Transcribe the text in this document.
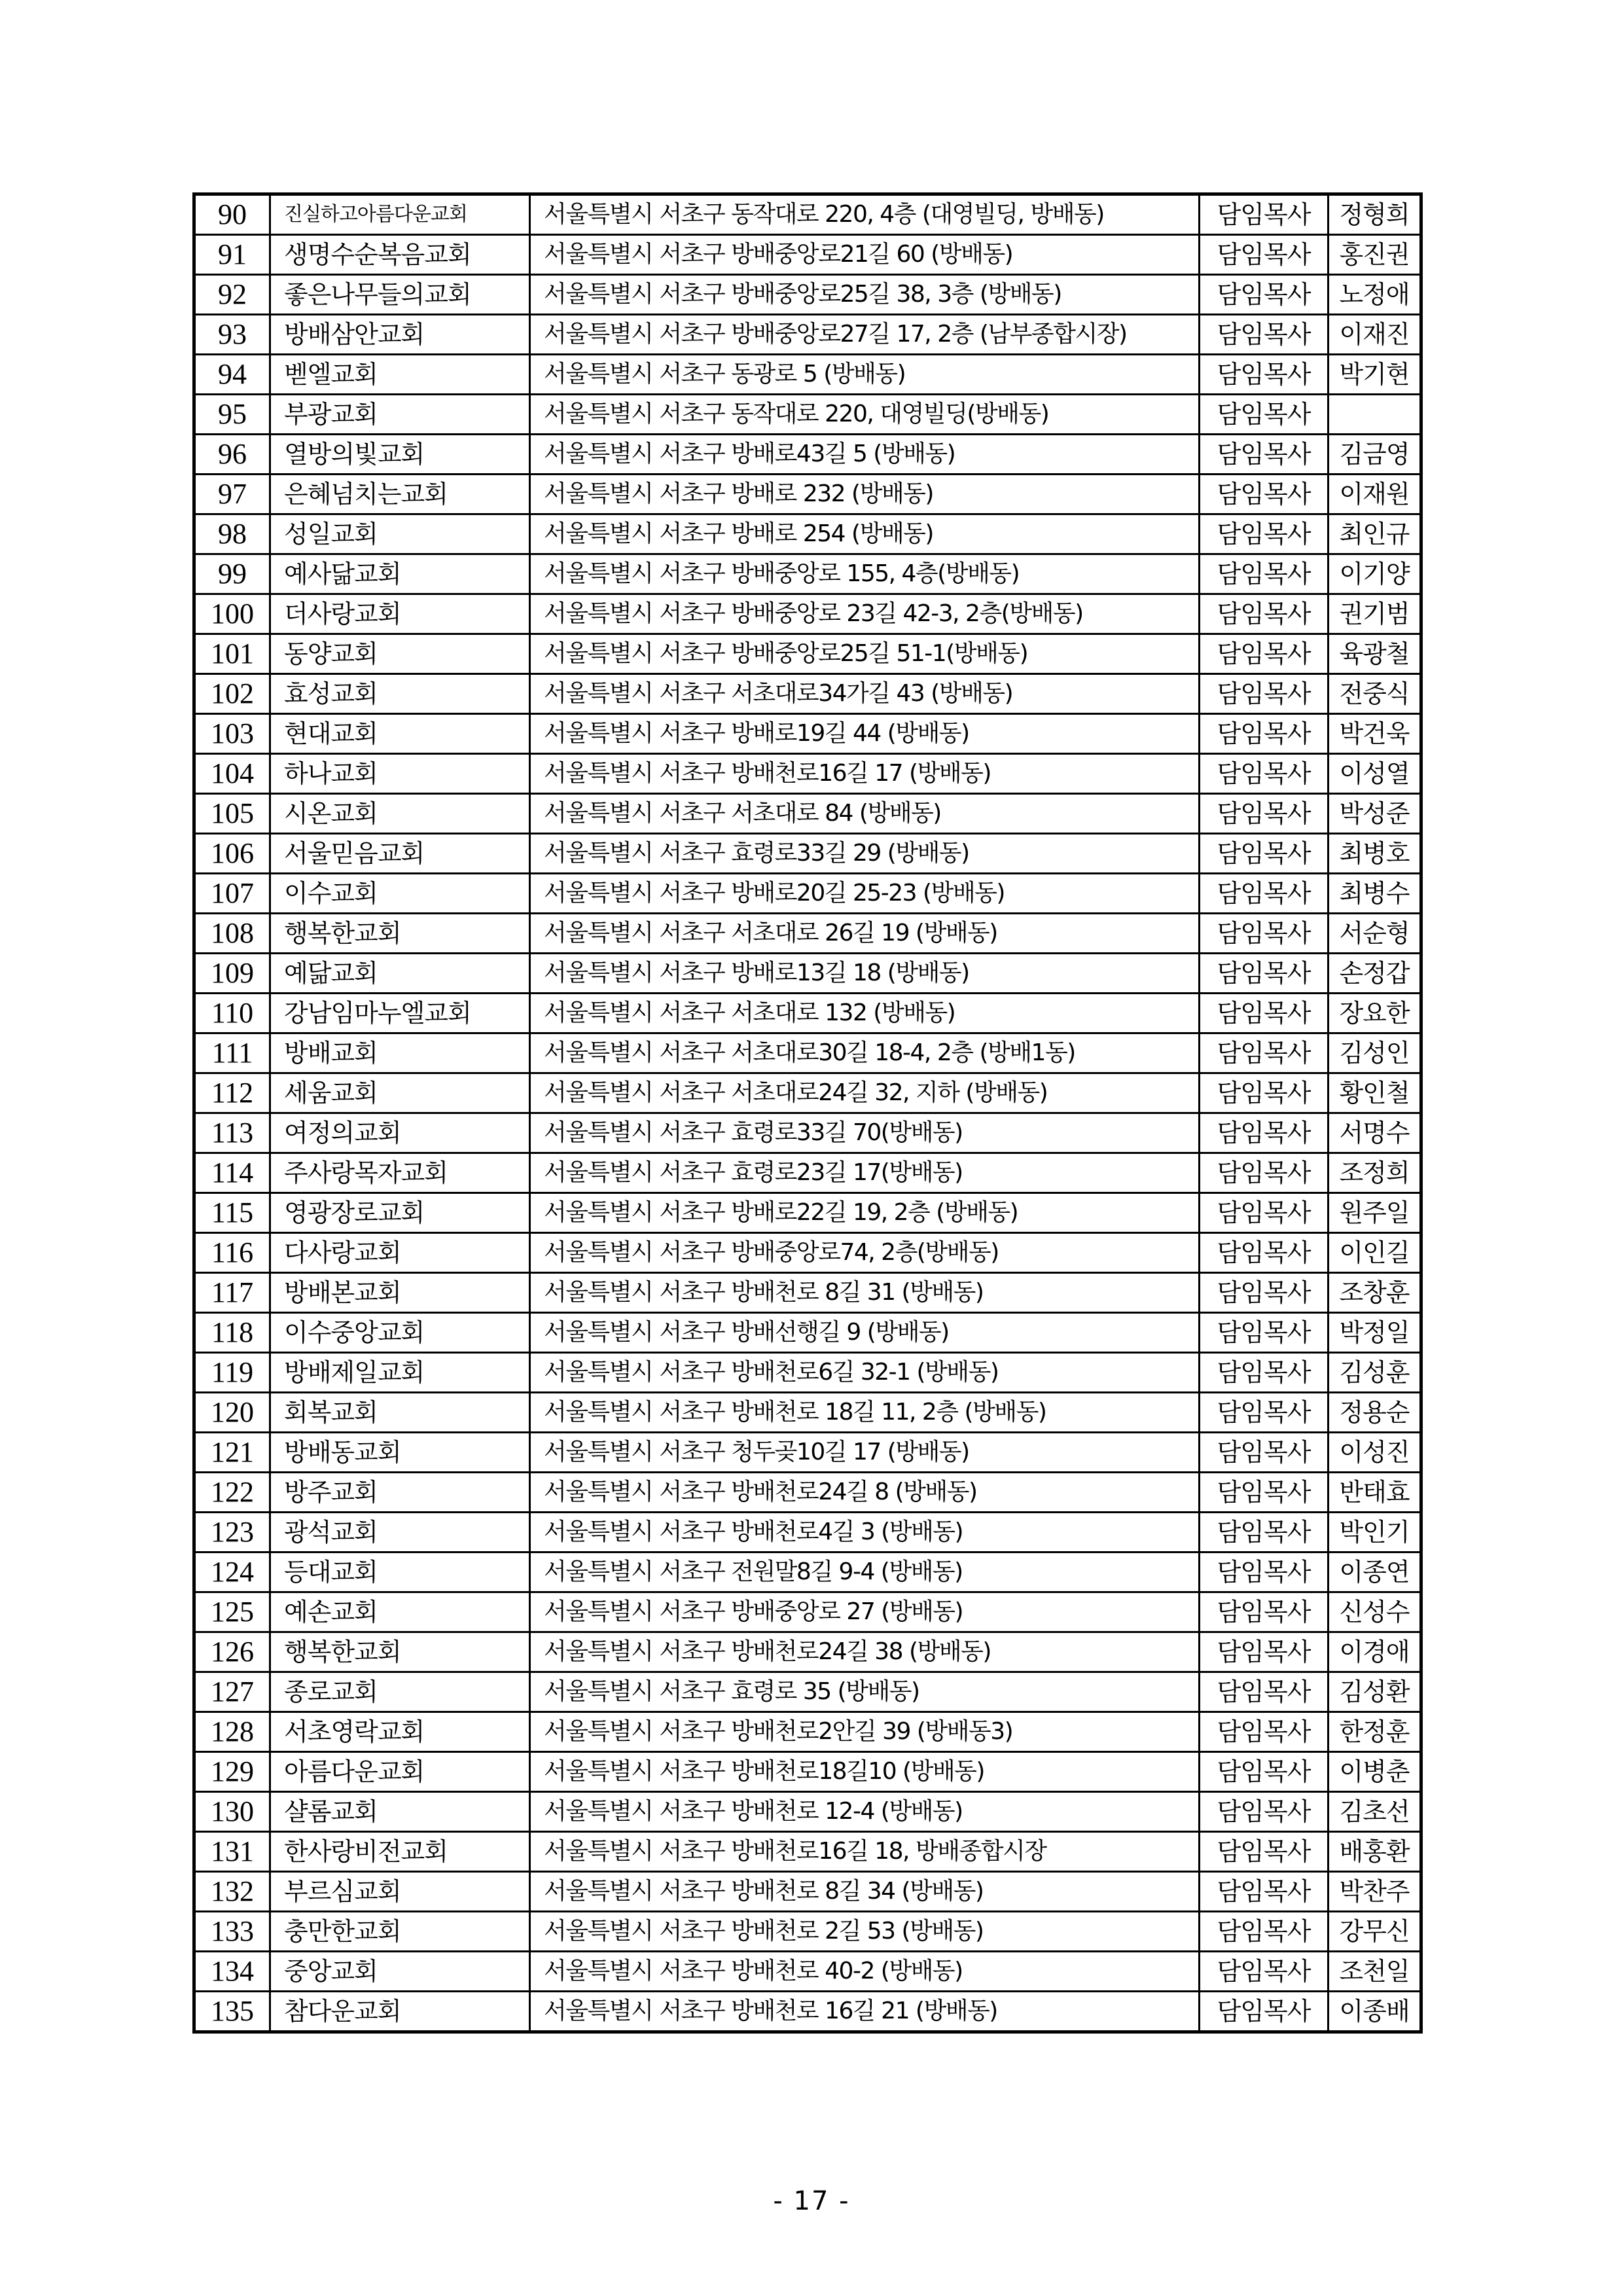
90	진실하고아름다운교회	서울특별시 서초구 동작대로 220, 4층 (대영빌딩, 방배동)	담임목사	정형희
91	생명수순복음교회	서울특별시 서초구 방배중앙로21길 60 (방배동)	담임목사	홍진권
92	좋은나무들의교회	서울특별시 서초구 방배중앙로25길 38, 3층 (방배동)	담임목사	노정애
93	방배삼안교회	서울특별시 서초구 방배중앙로27길 17, 2층 (남부종합시장)	담임목사	이재진
94	벧엘교회	서울특별시 서초구 동광로 5 (방배동)	담임목사	박기현
95	부광교회	서울특별시 서초구 동작대로 220, 대영빌딩(방배동)	담임목사	
96	열방의빛교회	서울특별시 서초구 방배로43길 5 (방배동)	담임목사	김금영
97	은혜넘치는교회	서울특별시 서초구 방배로 232 (방배동)	담임목사	이재원
98	성일교회	서울특별시 서초구 방배로 254 (방배동)	담임목사	최인규
99	예사닮교회	서울특별시 서초구 방배중앙로 155, 4층(방배동)	담임목사	이기양
100	더사랑교회	서울특별시 서초구 방배중앙로 23길 42-3, 2층(방배동)	담임목사	권기범
101	동양교회	서울특별시 서초구 방배중앙로25길 51-1(방배동)	담임목사	육광철
102	효성교회	서울특별시 서초구 서초대로34가길 43 (방배동)	담임목사	전중식
103	현대교회	서울특별시 서초구 방배로19길 44 (방배동)	담임목사	박건욱
104	하나교회	서울특별시 서초구 방배천로16길 17 (방배동)	담임목사	이성열
105	시온교회	서울특별시 서초구 서초대로 84 (방배동)	담임목사	박성준
106	서울믿음교회	서울특별시 서초구 효령로33길 29 (방배동)	담임목사	최병호
107	이수교회	서울특별시 서초구 방배로20길 25-23 (방배동)	담임목사	최병수
108	행복한교회	서울특별시 서초구 서초대로 26길 19 (방배동)	담임목사	서순형
109	예닮교회	서울특별시 서초구 방배로13길 18 (방배동)	담임목사	손정갑
110	강남임마누엘교회	서울특별시 서초구 서초대로 132 (방배동)	담임목사	장요한
111	방배교회	서울특별시 서초구 서초대로30길 18-4, 2층 (방배1동)	담임목사	김성인
112	세움교회	서울특별시 서초구 서초대로24길 32, 지하 (방배동)	담임목사	황인철
113	여정의교회	서울특별시 서초구 효령로33길 70(방배동)	담임목사	서명수
114	주사랑목자교회	서울특별시 서초구 효령로23길 17(방배동)	담임목사	조정희
115	영광장로교회	서울특별시 서초구 방배로22길 19, 2층 (방배동)	담임목사	원주일
116	다사랑교회	서울특별시 서초구 방배중앙로74, 2층(방배동)	담임목사	이인길
117	방배본교회	서울특별시 서초구 방배천로 8길 31 (방배동)	담임목사	조창훈
118	이수중앙교회	서울특별시 서초구 방배선행길 9 (방배동)	담임목사	박정일
119	방배제일교회	서울특별시 서초구 방배천로6길 32-1 (방배동)	담임목사	김성훈
120	회복교회	서울특별시 서초구 방배천로 18길 11, 2층 (방배동)	담임목사	정용순
121	방배동교회	서울특별시 서초구 청두곶10길 17 (방배동)	담임목사	이성진
122	방주교회	서울특별시 서초구 방배천로24길 8 (방배동)	담임목사	반태효
123	광석교회	서울특별시 서초구 방배천로4길 3 (방배동)	담임목사	박인기
124	등대교회	서울특별시 서초구 전원말8길 9-4 (방배동)	담임목사	이종연
125	예손교회	서울특별시 서초구 방배중앙로 27 (방배동)	담임목사	신성수
126	행복한교회	서울특별시 서초구 방배천로24길 38 (방배동)	담임목사	이경애
127	종로교회	서울특별시 서초구 효령로 35 (방배동)	담임목사	김성환
128	서초영락교회	서울특별시 서초구 방배천로2안길 39 (방배동3)	담임목사	한정훈
129	아름다운교회	서울특별시 서초구 방배천로18길10 (방배동)	담임목사	이병춘
130	샬롬교회	서울특별시 서초구 방배천로 12-4 (방배동)	담임목사	김초선
131	한사랑비전교회	서울특별시 서초구 방배천로16길 18, 방배종합시장	담임목사	배홍환
132	부르심교회	서울특별시 서초구 방배천로 8길 34 (방배동)	담임목사	박찬주
133	충만한교회	서울특별시 서초구 방배천로 2길 53 (방배동)	담임목사	강무신
134	중앙교회	서울특별시 서초구 방배천로 40-2 (방배동)	담임목사	조천일
135	참다운교회	서울특별시 서초구 방배천로 16길 21 (방배동)	담임목사	이종배
- 17 -
